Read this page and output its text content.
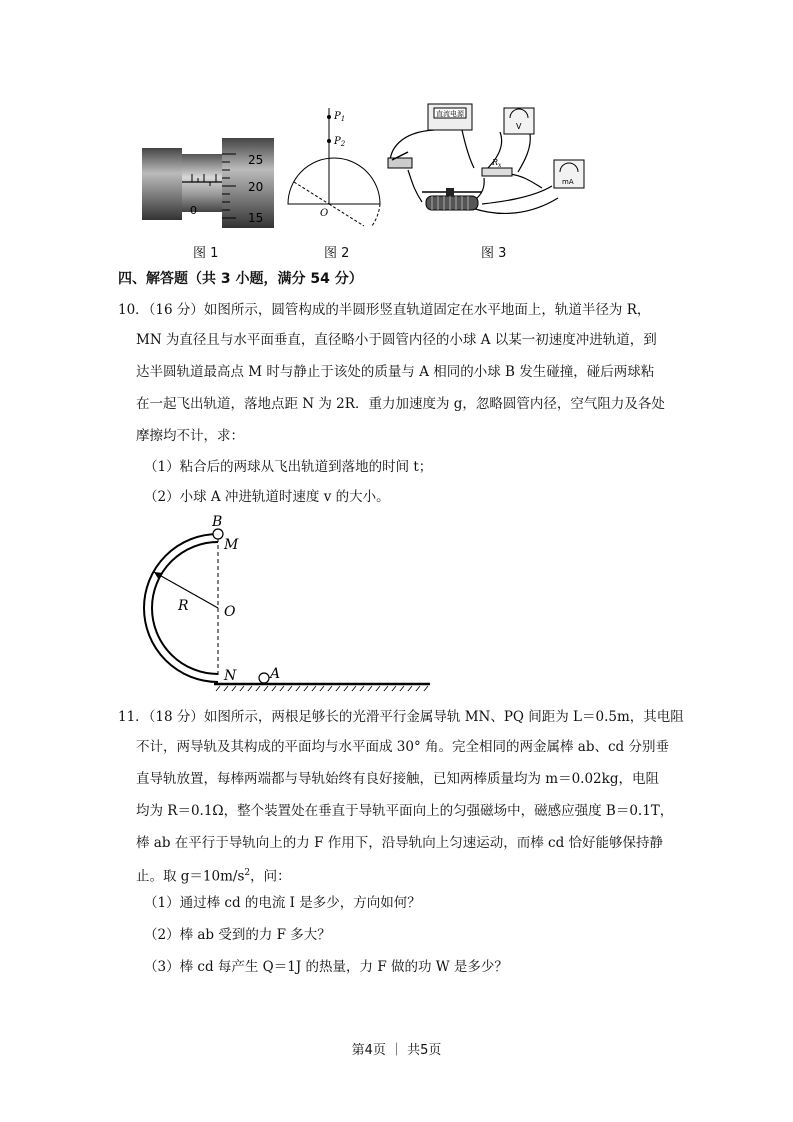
25
20
15
0
图 1
$P_1$
$P_2$
O
图 2
直流电源
V
mA
$R_x$
图 3
四、解答题（共 3 小题，满分 54 分）
10．（16 分）如图所示，圆管构成的半圆形竖直轨道固定在水平地面上，轨道半径为 R，
MN 为直径且与水平面垂直，直径略小于圆管内径的小球 A 以某一初速度冲进轨道，到
达半圆轨道最高点 M 时与静止于该处的质量与 A 相同的小球 B 发生碰撞，碰后两球粘
在一起飞出轨道，落地点距 N 为 2R．重力加速度为 g，忽略圆管内径，空气阻力及各处
摩擦均不计，求：
（1）粘合后的两球从飞出轨道到落地的时间 t；
（2）小球 A 冲进轨道时速度 v 的大小。
B
M
R	O
N A
11．（18 分）如图所示，两根足够长的光滑平行金属导轨 MN、PQ 间距为 L＝0.5m，其电阻
不计，两导轨及其构成的平面均与水平面成 30° 角。完全相同的两金属棒 ab、cd 分别垂
直导轨放置，每棒两端都与导轨始终有良好接触，已知两棒质量均为 m＝0.02kg，电阻
均为 R＝0.1Ω，整个装置处在垂直于导轨平面向上的匀强磁场中，磁感应强度 B＝0.1T，
棒 ab 在平行于导轨向上的力 F 作用下，沿导轨向上匀速运动，而棒 cd 恰好能够保持静
止。取 $g=10m/s^2$，问：
（1）通过棒 cd 的电流 I 是多少，方向如何？
（2）棒 ab 受到的力 F 多大？
（3）棒 cd 每产生 Q＝1J 的热量，力 F 做的功 W 是多少？
第4页 ｜ 共5页
